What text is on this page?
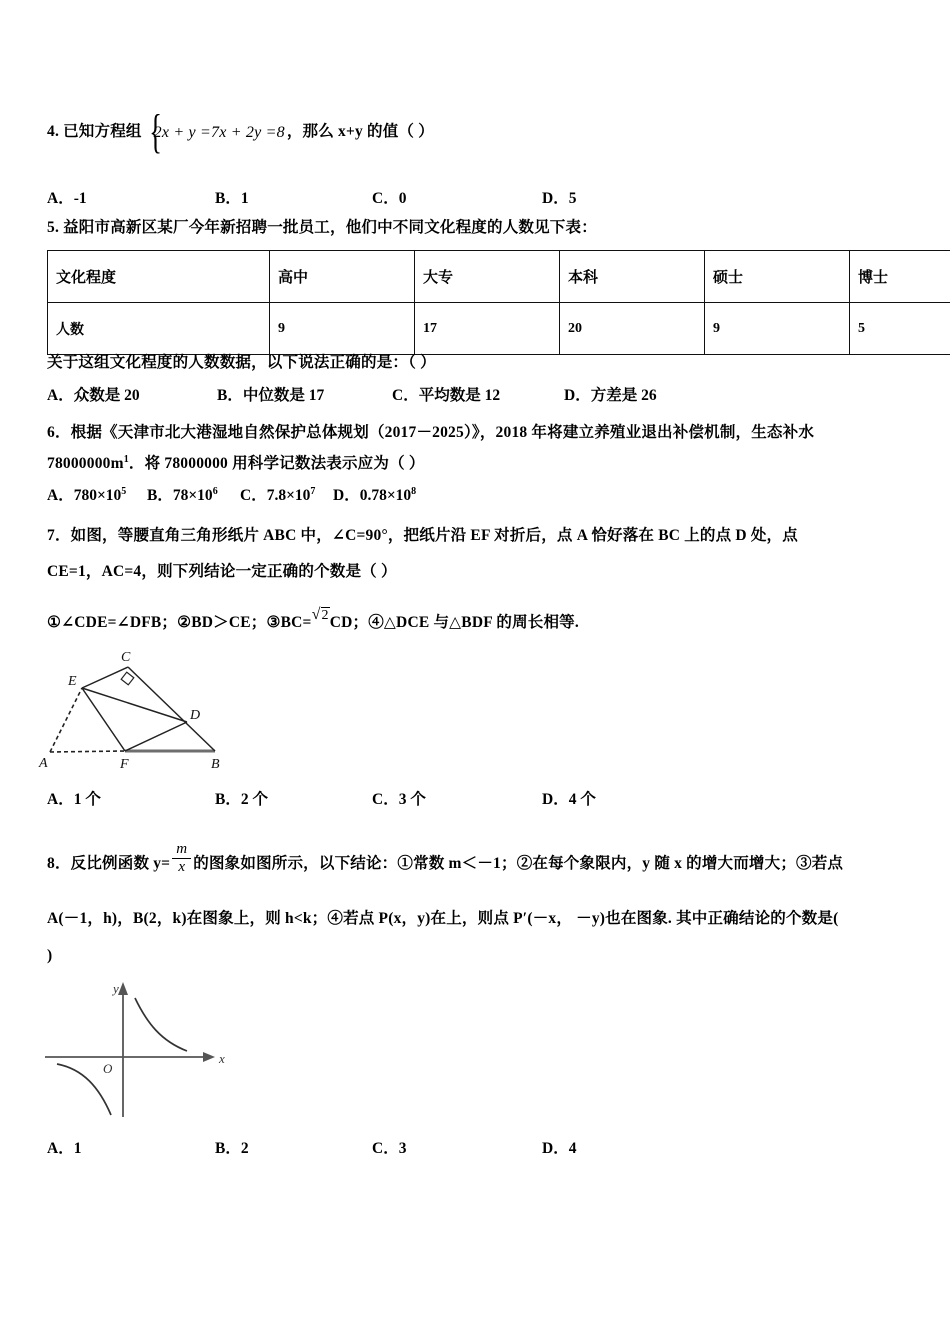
4. 已知方程组 {
2x + y =7x + 2y =8 ，那么 x+y 的值（ ）
A．-1	B．1	C．0	D．5
5. 益阳市高新区某厂今年新招聘一批员工，他们中不同文化程度的人数见下表：
文化程度	高中	大专	本科	硕士	博士
人数	9	17	20	9	5
关于这组文化程度的人数数据，以下说法正确的是：（ ）
A．众数是 20	B．中位数是 17	C．平均数是 12	D．方差是 26
6．根据《天津市北大港湿地自然保护总体规划（2017－2025）》，2018 年将建立养殖业退出补偿机制，生态补水
$78000000m^1$．将 78000000 用科学记数法表示应为（ ）
A．$780\times 10^5$ B．$78\times 10^6$ C．$7.8\times 10^7$ D．$0.78\times 10^8$
7．如图，等腰直角三角形纸片 ABC 中，∠C=90°，把纸片沿 EF 对折后，点 A 恰好落在 BC 上的点 D 处，点
CE=1，AC=4，则下列结论一定正确的个数是（ ）
①∠CDE=∠DFB；②BD＞CE；③BC=√2CD；④△DCE 与△BDF 的周长相等.
C
E
D
A	F	B
A．1 个	B．2 个	C．3 个	D．4 个
8．反比例函数 $y= \frac{m}{x}$ 的图象如图所示，以下结论：①常数 m＜－1；②在每个象限内，y 随 x 的增大而增大；③若点
A(－1，h)，B(2，k)在图象上，则 h<k；④若点 P(x，y)在上，则点 P′(－x， －y)也在图象. 其中正确结论的个数是(
)
y
x
O
A．1	B．2	C．3	D．4
